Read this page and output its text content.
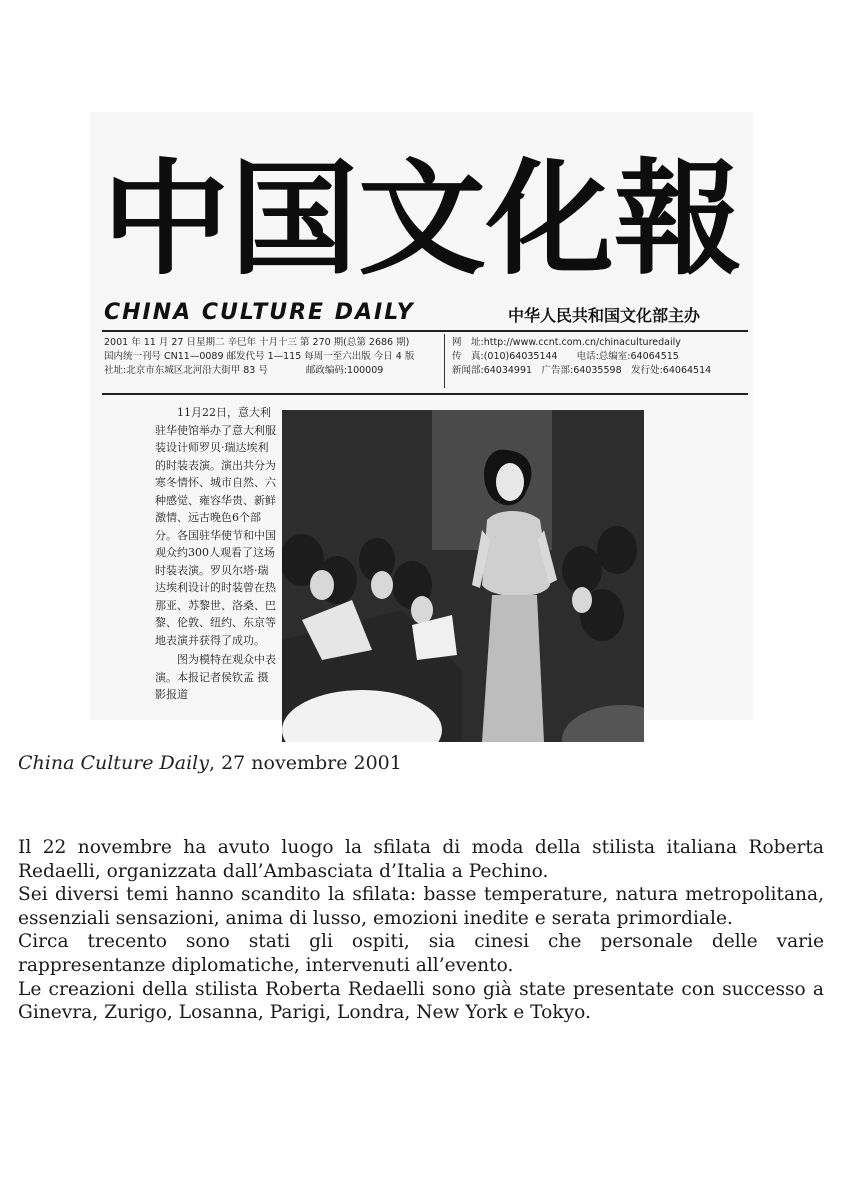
中国文化報
CHINA CULTURE DAILY	中华人民共和国文化部主办
2001 年 11 月 27 日星期二 辛巳年 十月十三 第 270 期(总第 2686 期)
国内统一刊号 CN11—0089 邮发代号 1—115 每周一至六出版 今日 4 版
社址:北京市东城区北河沿大街甲 83 号　　　　邮政编码:100009
网　址:http://www.ccnt.com.cn/chinaculturedaily
传　真:(010)64035144　　电话:总编室:64064515
新闻部:64034991　广告部:64035598　发行处:64064514
11月22日，意大利驻华使馆举办了意大利服装设计师罗贝·瑞达埃利的时装表演。演出共分为寒冬情怀、城市自然、六种感觉、雍容华贵、新鲜激情、远古晚色6个部分。各国驻华使节和中国观众约300人观看了这场时装表演。罗贝尔塔·瑞达埃利设计的时装曾在热那亚、苏黎世、洛桑、巴黎、伦敦、纽约、东京等地表演并获得了成功。
图为模特在观众中表演。本报记者侯钦孟 摄影报道
China Culture Daily, 27 novembre 2001

Il 22 novembre ha avuto luogo la sfilata di moda della stilista italiana Roberta Redaelli, organizzata dall’Ambasciata d’Italia a Pechino.

Sei diversi temi hanno scandito la sfilata: basse temperature, natura metropolitana, essenziali sensazioni, anima di lusso, emozioni inedite e serata primordiale.

Circa trecento sono stati gli ospiti, sia cinesi che personale delle varie rappresentanze diplomatiche, intervenuti all’evento.

Le creazioni della stilista Roberta Redaelli sono già state presentate con successo a Ginevra, Zurigo, Losanna, Parigi, Londra, New York e Tokyo.
